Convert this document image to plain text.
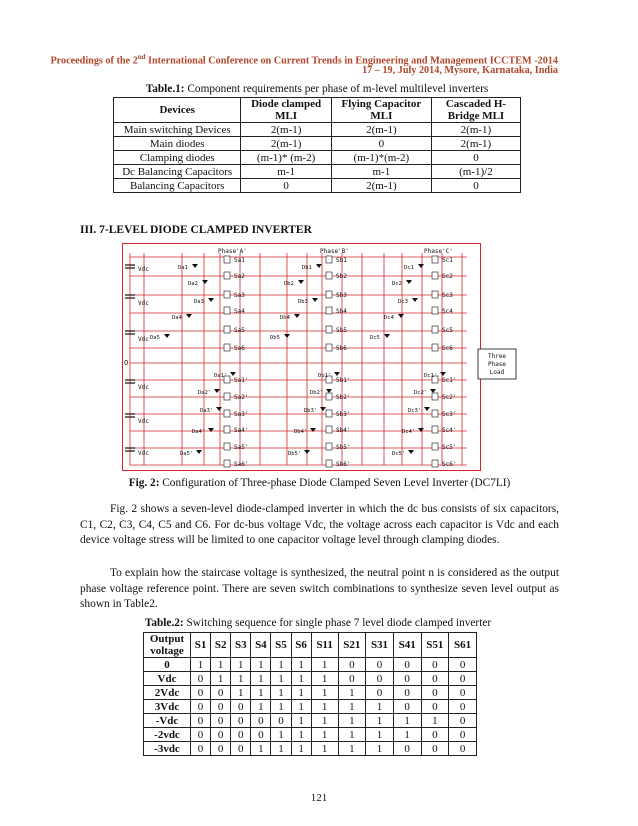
Proceedings of the 2nd International Conference on Current Trends in Engineering and Management ICCTEM -2014
17 – 19, July 2014, Mysore, Karnataka, India
Table.1: Component requirements per phase of m-level multilevel inverters
Devices	Diode clamped MLI	Flying Capacitor MLI	Cascaded H-Bridge MLI
Main switching Devices	2(m-1)	2(m-1)	2(m-1)
Main diodes	2(m-1)	0	2(m-1)
Clamping diodes	(m-1)* (m-2)	(m-1)*(m-2)	0
Dc Balancing Capacitors	m-1	m-1	(m-1)/2
Balancing Capacitors	0	2(m-1)	0
III. 7-LEVEL DIODE CLAMPED INVERTER
Vdc
Vdc
Vdc
Vdc
Vdc
Vdc
O
Phase'A'	Phase'B'	Phase'C'
Three
Phase
Load
Sa1
Sa2
Sa3
Sa4
Sa5
Sa6
Sa1'
Sa2'
Sa3'
Sa4'
Sa5'
Sa6'
Sb1
Sb2
Sb3
Sb4
Sb5
Sb6
Sb1'
Sb2'
Sb3'
Sb4'
Sb5'
Sb6'
Sc1
Sc2
Sc3
Sc4
Sc5
Sc6
Sc1'
Sc2'
Sc3'
Sc4'
Sc5'
Sc6'
Da1
Da2
Da3
Da4
Da5
Db1
Db2
Db3
Db4
Db5
Dc1
Dc2
Dc3
Dc4
Dc5
Da1'
Da2'
Da3'
Da4'
Da5'
Db1'
Db2'
Db3'
Db4'
Db5'
Dc1'
Dc2'
Dc3'
Dc4'
Dc5'
Fig. 2: Configuration of Three-phase Diode Clamped Seven Level Inverter (DC7LI)
Fig. 2 shows a seven-level diode-clamped inverter in which the dc bus consists of six capacitors, C1, C2, C3, C4, C5 and C6. For dc-bus voltage Vdc, the voltage across each capacitor is Vdc and each device voltage stress will be limited to one capacitor voltage level through clamping diodes.
To explain how the staircase voltage is synthesized, the neutral point n is considered as the output phase voltage reference point. There are seven switch combinations to synthesize seven level output as shown in Table2.
Table.2: Switching sequence for single phase 7 level diode clamped inverter
Output voltage	S1	S2	S3	S4	S5	S6	S11	S21	S31	S41	S51	S61
0	1	1	1	1	1	1	1	0	0	0	0	0
Vdc	0	1	1	1	1	1	1	0	0	0	0	0
2Vdc	0	0	1	1	1	1	1	1	0	0	0	0
3Vdc	0	0	0	1	1	1	1	1	1	0	0	0
-Vdc	0	0	0	0	0	1	1	1	1	1	1	0
-2vdc	0	0	0	0	1	1	1	1	1	1	0	0
-3vdc	0	0	0	1	1	1	1	1	1	0	0	0
121
